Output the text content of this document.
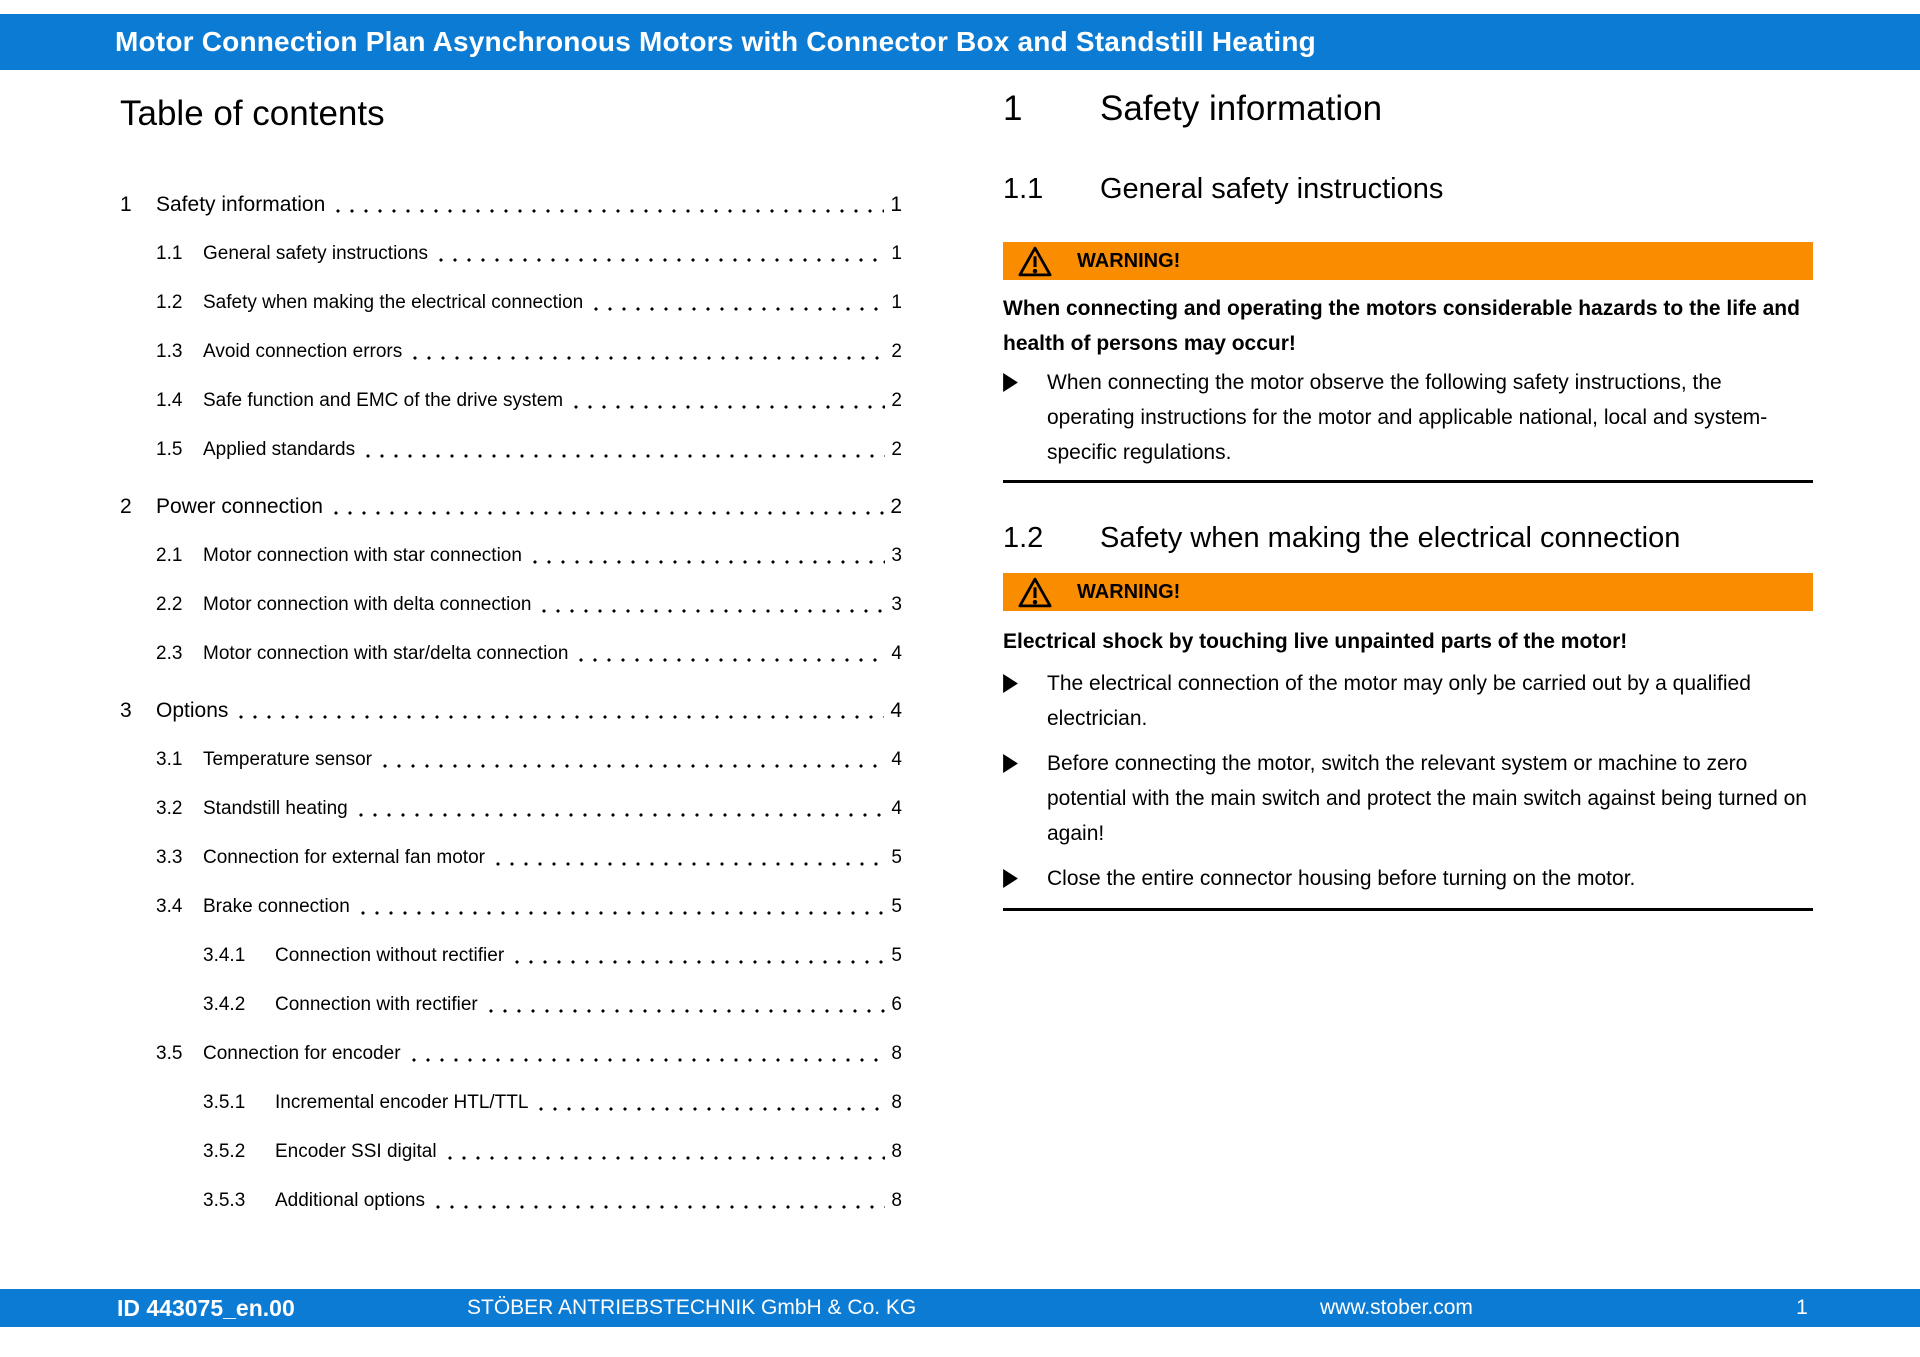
Motor Connection Plan Asynchronous Motors with Connector Box and Standstill Heating
Table of contents
1	Safety information	1
1.1	General safety instructions	1
1.2	Safety when making the electrical connection	1
1.3	Avoid connection errors	2
1.4	Safe function and EMC of the drive system	2
1.5	Applied standards	2
2	Power connection	2
2.1	Motor connection with star connection	3
2.2	Motor connection with delta connection	3
2.3	Motor connection with star/delta connection	4
3	Options	4
3.1	Temperature sensor	4
3.2	Standstill heating	4
3.3	Connection for external fan motor	5
3.4	Brake connection	5
3.4.1	Connection without rectifier	5
3.4.2	Connection with rectifier	6
3.5	Connection for encoder	8
3.5.1	Incremental encoder HTL/TTL	8
3.5.2	Encoder SSI digital	8
3.5.3	Additional options	8
1	Safety information
1.1	General safety instructions
WARNING!

When connecting and operating the motors considerable hazards to the life and health of persons may occur!

When connecting the motor observe the following safety instructions, the operating instructions for the motor and applicable national, local and system-specific regulations.
1.2	Safety when making the electrical connection
WARNING!

Electrical shock by touching live unpainted parts of the motor!

The electrical connection of the motor may only be carried out by a qualified electrician.
Before connecting the motor, switch the relevant system or machine to zero potential with the main switch and protect the main switch against being turned on again!
Close the entire connector housing before turning on the motor.
ID 443075_en.00	STÖBER ANTRIEBSTECHNIK GmbH & Co. KG	www.stober.com	1
